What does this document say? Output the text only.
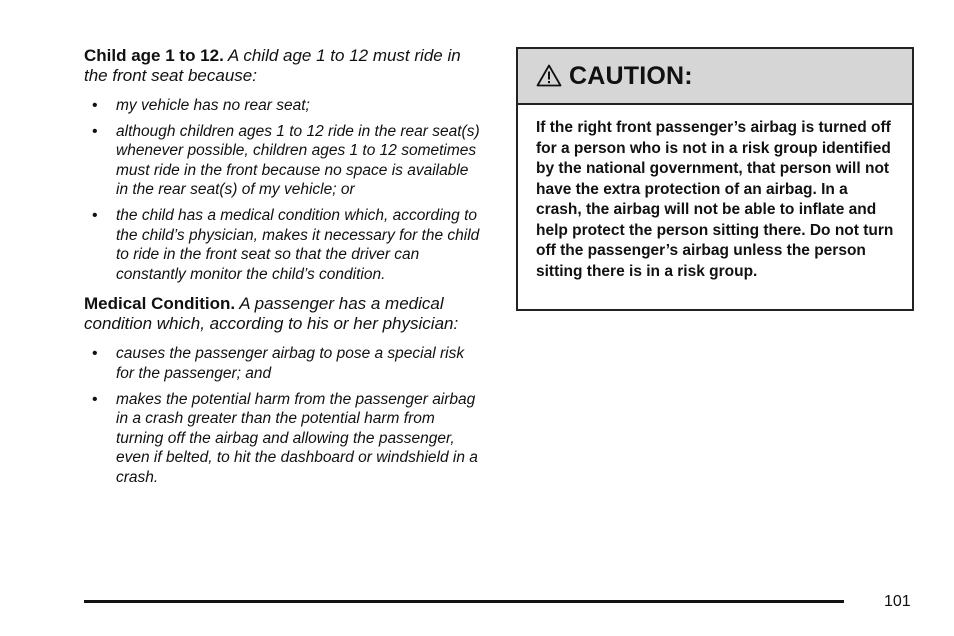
Child age 1 to 12. A child age 1 to 12 must ride in the front seat because:

• my vehicle has no rear seat;
• although children ages 1 to 12 ride in the rear seat(s) whenever possible, children ages 1 to 12 sometimes must ride in the front because no space is available in the rear seat(s) of my vehicle; or
• the child has a medical condition which, according to the child’s physician, makes it necessary for the child to ride in the front seat so that the driver can constantly monitor the child’s condition.

Medical Condition. A passenger has a medical condition which, according to his or her physician:

• causes the passenger airbag to pose a special risk for the passenger; and
• makes the potential harm from the passenger airbag in a crash greater than the potential harm from turning off the airbag and allowing the passenger, even if belted, to hit the dashboard or windshield in a crash.
CAUTION:
If the right front passenger’s airbag is turned off for a person who is not in a risk group identified by the national government, that person will not have the extra protection of an airbag. In a crash, the airbag will not be able to inflate and help protect the person sitting there. Do not turn off the passenger’s airbag unless the person sitting there is in a risk group.
101
